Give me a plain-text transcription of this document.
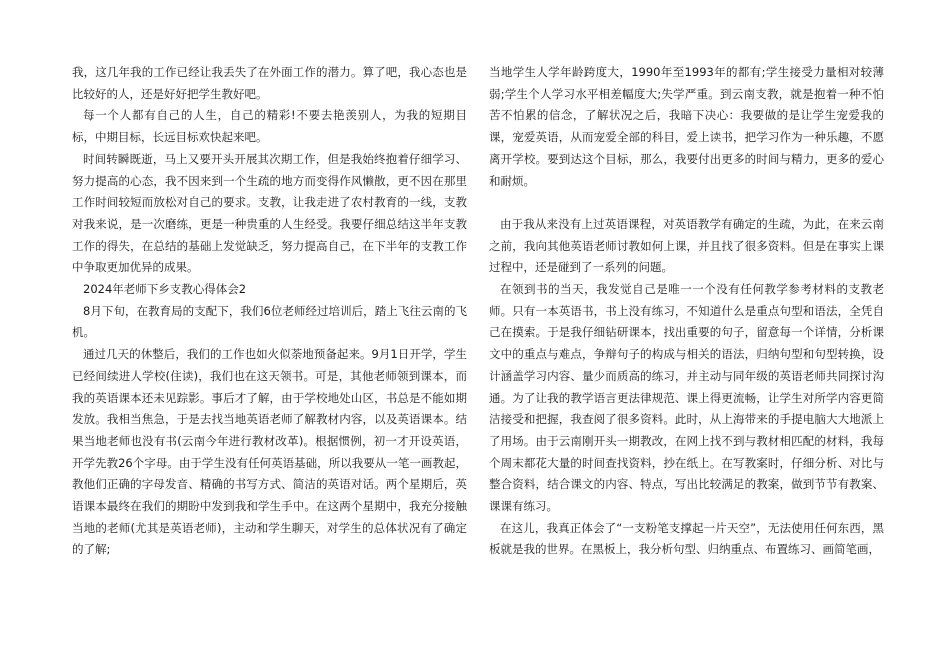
我，这几年我的工作已经让我丢失了在外面工作的潜力。算了吧，我心态也是比较好的人，还是好好把学生教好吧。

每一个人都有自己的人生，自己的精彩!不要去艳羡别人，为我的短期目标，中期目标，长远目标欢快起来吧。

时间转瞬既逝，马上又要开头开展其次期工作，但是我始终抱着仔细学习、努力提高的心态，我不因来到一个生疏的地方而变得作风懒散，更不因在那里工作时间较短而放松对自己的要求。支教，让我走进了农村教育的一线，支教对我来说，是一次磨练，更是一种贵重的人生经受。我要仔细总结这半年支教工作的得失，在总结的基础上发觉缺乏，努力提高自己，在下半年的支教工作中争取更加优异的成果。

2024年老师下乡支教心得体会2

8月下旬，在教育局的支配下，我们6位老师经过培训后，踏上飞往云南的飞机。

通过几天的休整后，我们的工作也如火似荼地预备起来。9月1日开学，学生已经间续进人学校(住读)，我们也在这天领书。可是，其他老师领到课本，而我的英语课本还未见踪影。事后才了解，由于学校地处山区，书总是不能如期发放。我相当焦急，于是去找当地英语老师了解教材内容，以及英语课本。结果当地老师也没有书(云南今年进行教材改革)。根据惯例，初一才开设英语，开学先教26个字母。由于学生没有任何英语基础，所以我要从一笔一画教起，教他们正确的字母发音、精确的书写方式、简洁的英语对话。两个星期后，英语课本最终在我们的期盼中发到我和学生手中。在这两个星期中，我充分接触当地的老师(尤其是英语老师)，主动和学生聊天，对学生的总体状况有了确定的了解;

当地学生人学年龄跨度大，1990年至1993年的都有;学生接受力量相对较薄弱;学生个人学习水平相差幅度大;失学严重。到云南支教，就是抱着一种不怕苦不怕累的信念，了解状况之后，我暗下决心：我要做的是让学生宠爱我的课，宠爱英语，从而宠爱全部的科目，爱上读书，把学习作为一种乐趣，不愿离开学校。要到达这个目标，那么，我要付出更多的时间与精力，更多的爱心和耐烦。

由于我从来没有上过英语课程，对英语教学有确定的生疏，为此，在来云南之前，我向其他英语老师讨教如何上课，并且找了很多资料。但是在事实上课过程中，还是碰到了一系列的问题。

在领到书的当天，我发觉自己是唯一一个没有任何教学参考材料的支教老师。只有一本英语书，书上没有练习，不知道什么是重点句型和语法，全凭自己在摸索。于是我仔细钻研课本，找出重要的句子，留意每一个详情，分析课文中的重点与难点，争辩句子的构成与相关的语法，归纳句型和句型转换，设计涵盖学习内容、量少而质高的练习，并主动与同年级的英语老师共同探讨沟通。为了让我的教学语言更法律规范、课上得更流畅，让学生对所学内容更简洁接受和把握，我查阅了很多资料。此时，从上海带来的手提电脑大大地派上了用场。由于云南刚开头一期教改，在网上找不到与教材相匹配的材料，我每个周末都花大量的时间查找资料，抄在纸上。在写教案时，仔细分析、对比与整合资料，结合课文的内容、特点，写出比较满足的教案，做到节节有教案、课课有练习。

在这儿，我真正体会了“一支粉笔支撑起一片天空”，无法使用任何东西，黑板就是我的世界。在黑板上，我分析句型、归纳重点、布置练习、画简笔画，
